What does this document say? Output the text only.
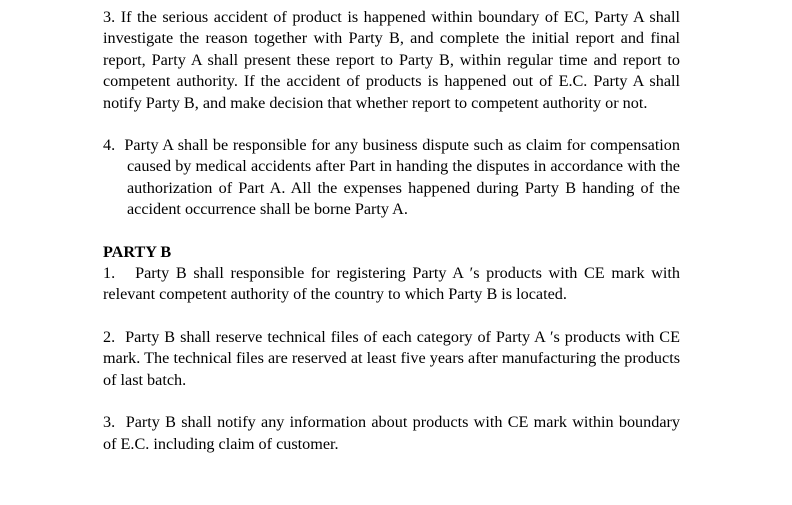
3. If the serious accident of product is happened within boundary of EC, Party A shall investigate the reason together with Party B, and complete the initial report and final report, Party A shall present these report to Party B, within regular time and report to competent authority. If the accident of products is happened out of E.C. Party A shall notify Party B, and make decision that whether report to competent authority or not.

4.  Party A shall be responsible for any business dispute such as claim for compensation caused by medical accidents after Part in handing the disputes in accordance with the authorization of Part A. All the expenses happened during Party B handing of the accident occurrence shall be borne Party A.

PARTY B

1.   Party B shall responsible for registering Party A ′s products with CE mark with relevant competent authority of the country to which Party B is located.

2.  Party B shall reserve technical files of each category of Party A ′s products with CE mark. The technical files are reserved at least five years after manufacturing the products of last batch.

3.  Party B shall notify any information about products with CE mark within boundary of E.C. including claim of customer.
